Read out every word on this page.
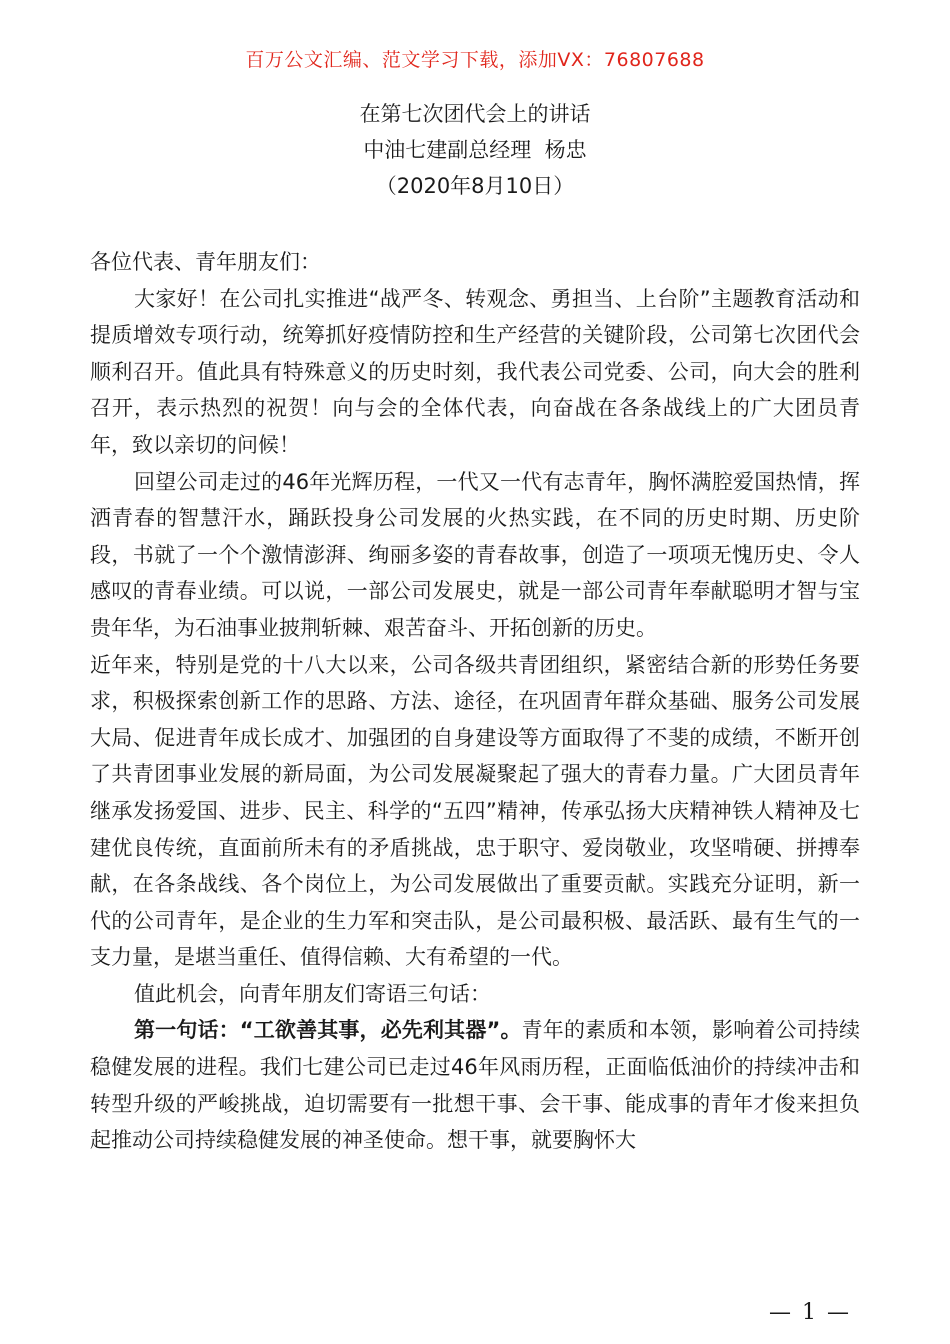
百万公文汇编、范文学习下载，添加VX：76807688
在第七次团代会上的讲话
中油七建副总经理  杨忠
（2020年8月10日）

各位代表、青年朋友们：

大家好！在公司扎实推进“战严冬、转观念、勇担当、上台阶”主题教育活动和提质增效专项行动，统筹抓好疫情防控和生产经营的关键阶段，公司第七次团代会顺利召开。值此具有特殊意义的历史时刻，我代表公司党委、公司，向大会的胜利召开，表示热烈的祝贺！向与会的全体代表，向奋战在各条战线上的广大团员青年，致以亲切的问候！

回望公司走过的46年光辉历程，一代又一代有志青年，胸怀满腔爱国热情，挥洒青春的智慧汗水，踊跃投身公司发展的火热实践，在不同的历史时期、历史阶段，书就了一个个激情澎湃、绚丽多姿的青春故事，创造了一项项无愧历史、令人感叹的青春业绩。可以说，一部公司发展史，就是一部公司青年奉献聪明才智与宝贵年华，为石油事业披荆斩棘、艰苦奋斗、开拓创新的历史。

近年来，特别是党的十八大以来，公司各级共青团组织，紧密结合新的形势任务要求，积极探索创新工作的思路、方法、途径，在巩固青年群众基础、服务公司发展大局、促进青年成长成才、加强团的自身建设等方面取得了不斐的成绩，不断开创了共青团事业发展的新局面，为公司发展凝聚起了强大的青春力量。广大团员青年继承发扬爱国、进步、民主、科学的“五四”精神，传承弘扬大庆精神铁人精神及七建优良传统，直面前所未有的矛盾挑战，忠于职守、爱岗敬业，攻坚啃硬、拼搏奉献，在各条战线、各个岗位上，为公司发展做出了重要贡献。实践充分证明，新一代的公司青年，是企业的生力军和突击队，是公司最积极、最活跃、最有生气的一支力量，是堪当重任、值得信赖、大有希望的一代。

值此机会，向青年朋友们寄语三句话：

第一句话：“工欲善其事，必先利其器”。青年的素质和本领，影响着公司持续稳健发展的进程。我们七建公司已走过46年风雨历程，正面临低油价的持续冲击和转型升级的严峻挑战，迫切需要有一批想干事、会干事、能成事的青年才俊来担负起推动公司持续稳健发展的神圣使命。想干事，就要胸怀大

— 1 —
